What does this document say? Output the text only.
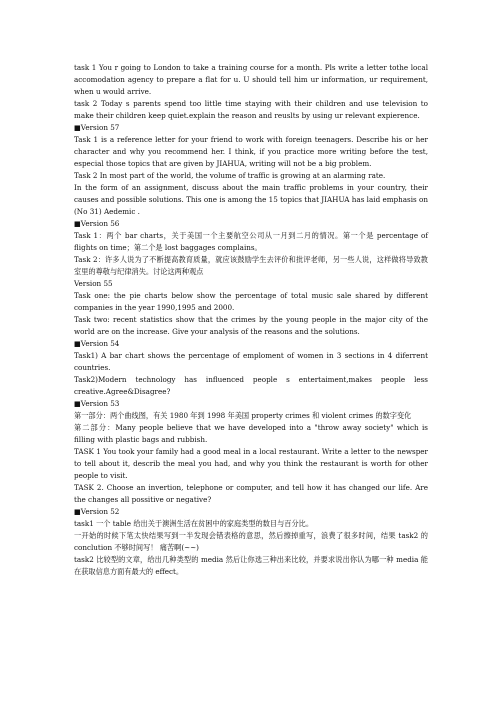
task 1 You r going to London to take a training course for a month. Pls write a letter tothe local accomodation agency to prepare a flat for u. U should tell him ur information, ur requirement, when u would arrive.

task 2 Today s parents spend too little time staying with their children and use television to make their children keep quiet.explain the reason and reuslts by using ur relevant expierence.

■Version 57

Task 1 is a reference letter for your friend to work with foreign teenagers. Describe his or her character and why you recommend her. I think, if you practice more writing before the test, especial those topics that are given by JIAHUA, writing will not be a big problem.

Task 2 In most part of the world, the volume of traffic is growing at an alarming rate.

In the form of an assignment, discuss about the main traffic problems in your country, their causes and possible solutions. This one is among the 15 topics that JIAHUA has laid emphasis on (No 31) Aedemic .

■Version 56

Task 1：两个 bar charts，关于美国一个主要航空公司从一月到二月的情况。第一个是 percentage of flights on time；第二个是 lost baggages complains。

Task 2：许多人说为了不断提高教育质量，就应该鼓励学生去评价和批评老师，另一些人说，这样做将导致教室里的尊敬与纪律消失。讨论这两种观点

Version 55

Task one: the pie charts below show the percentage of total music sale shared by different companies in the year 1990,1995 and 2000.

Task two: recent statistics show that the crimes by the young people in the major city of the world are on the increase. Give your analysis of the reasons and the solutions.

■Version 54

Task1) A bar chart shows the percentage of emploment of women in 3 sections in 4 diferrent countries.

Task2)Modern technology has influenced people s entertaiment,makes people less creative.Agree&Disagree?

■Version 53

第一部分：两个曲线图，有关 1980 年到 1998 年美国 property crimes 和 violent crimes 的数字变化

第二部分：Many people believe that we have developed into a "throw away society" which is filling with plastic bags and rubbish.

TASK 1 You took your family had a good meal in a local restaurant. Write a letter to the newsper to tell about it, describ the meal you had, and why you think the restaurant is worth for other people to visit.

TASK 2. Choose an invertion, telephone or computer, and tell how it has changed our life. Are the changes all possitive or negative?

■Version 52

task1 一个 table 给出关于澳洲生活在贫困中的家庭类型的数目与百分比。

一开始的时候下笔太快结果写到一半发现会错表格的意思，然后擦掉重写，浪费了很多时间，结果 task2 的 conclution 不够时间写！ 痛苦啊(~~)

task2 比较型的文章，给出几种类型的 media 然后让你选三种出来比较，并要求说出你认为哪一种 media 能在获取信息方面有最大的 effect。
